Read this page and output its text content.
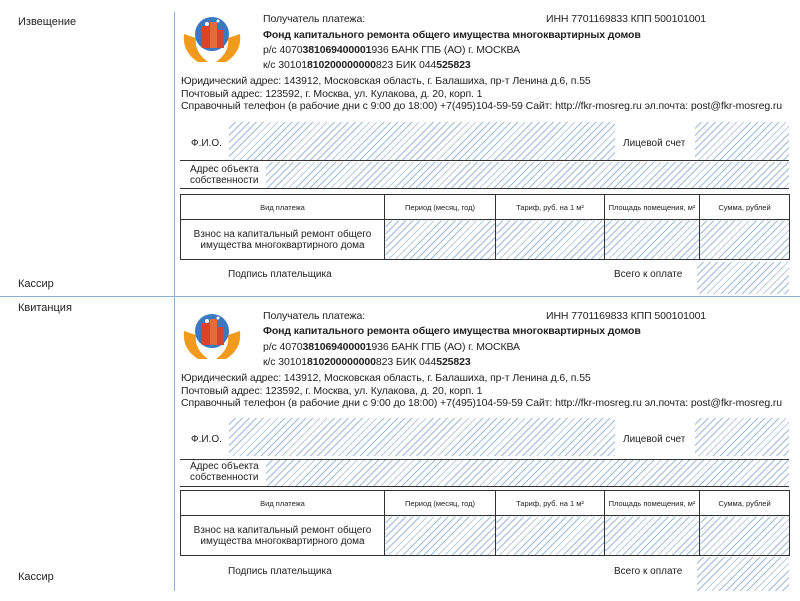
Извещение
Кассир
Получатель платежа:	ИНН 7701169833 КПП 500101001
Фонд капитального ремонта общего имущества многоквартирных домов
р/с 4070381069400001936 БАНК ГПБ (АО) г. МОСКВА
к/с 30101810200000000823 БИК 044525823
Юридический адрес: 143912, Московская область, г. Балашиха, пр-т Ленина д.6, п.55
Почтовый адрес: 123592, г. Москва, ул. Кулакова, д. 20, корп. 1
Справочный телефон (в рабочие дни с 9:00 до 18:00) +7(495)104-59-59 Сайт: http://fkr-mosreg.ru эл.почта: post@fkr-mosreg.ru
Ф.И.О.	Лицевой счет
Адрес объекта собственности
Вид платежа	Период (месяц, год)	Тариф, руб. на 1 м²	Площадь помещения, м²	Сумма, рублей
Взнос на капитальный ремонт общего имущества многоквартирного дома				
Подпись плательщика	Всего к оплате
Квитанция
Кассир
Получатель платежа:	ИНН 7701169833 КПП 500101001
Фонд капитального ремонта общего имущества многоквартирных домов
р/с 4070381069400001936 БАНК ГПБ (АО) г. МОСКВА
к/с 30101810200000000823 БИК 044525823
Юридический адрес: 143912, Московская область, г. Балашиха, пр-т Ленина д.6, п.55
Почтовый адрес: 123592, г. Москва, ул. Кулакова, д. 20, корп. 1
Справочный телефон (в рабочие дни с 9:00 до 18:00) +7(495)104-59-59 Сайт: http://fkr-mosreg.ru эл.почта: post@fkr-mosreg.ru
Ф.И.О.	Лицевой счет
Адрес объекта собственности
Вид платежа	Период (месяц, год)	Тариф, руб. на 1 м²	Площадь помещения, м²	Сумма, рублей
Взнос на капитальный ремонт общего имущества многоквартирного дома				
Подпись плательщика	Всего к оплате
